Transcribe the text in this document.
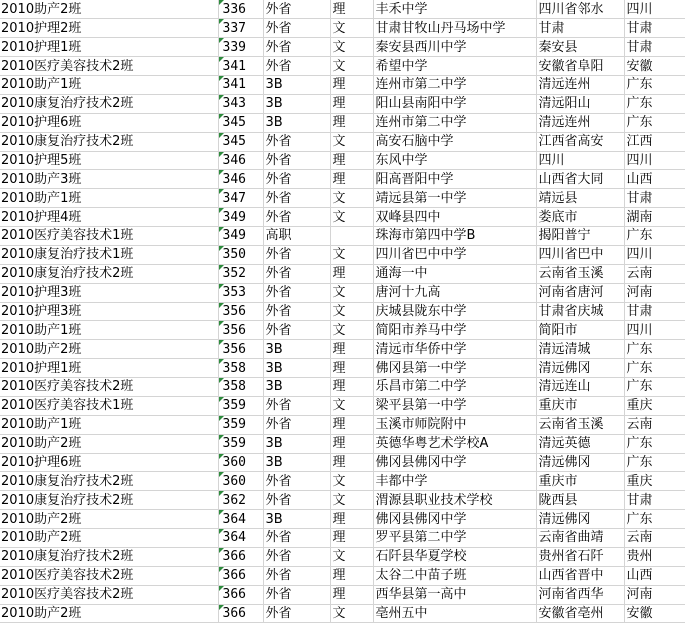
2010助产2班	336	外省	理	丰禾中学	四川省邻水	四川
2010护理2班	337	外省	文	甘肃甘牧山丹马场中学	甘肃	甘肃
2010护理1班	339	外省	文	秦安县西川中学	秦安县	甘肃
2010医疗美容技术2班	341	外省	文	希望中学	安徽省阜阳	安徽
2010助产1班	341	3B	理	连州市第二中学	清远连州	广东
2010康复治疗技术2班	343	3B	理	阳山县南阳中学	清远阳山	广东
2010护理6班	345	3B	理	连州市第二中学	清远连州	广东
2010康复治疗技术2班	345	外省	文	高安石脑中学	江西省高安	江西
2010护理5班	346	外省	理	东风中学	四川	四川
2010助产3班	346	外省	理	阳高晋阳中学	山西省大同	山西
2010助产1班	347	外省	文	靖远县第一中学	靖远县	甘肃
2010护理4班	349	外省	文	双峰县四中	娄底市	湖南
2010医疗美容技术1班	349	高职		珠海市第四中学B	揭阳普宁	广东
2010康复治疗技术1班	350	外省	文	四川省巴中中学	四川省巴中	四川
2010康复治疗技术2班	352	外省	理	通海一中	云南省玉溪	云南
2010护理3班	353	外省	文	唐河十九高	河南省唐河	河南
2010护理3班	356	外省	文	庆城县陇东中学	甘肃省庆城	甘肃
2010助产1班	356	外省	文	简阳市养马中学	简阳市	四川
2010助产2班	356	3B	理	清远市华侨中学	清远清城	广东
2010护理1班	358	3B	理	佛冈县第一中学	清远佛冈	广东
2010医疗美容技术2班	358	3B	理	乐昌市第二中学	清远连山	广东
2010医疗美容技术1班	359	外省	文	梁平县第一中学	重庆市	重庆
2010助产1班	359	外省	理	玉溪市师院附中	云南省玉溪	云南
2010助产2班	359	3B	理	英德华粤艺术学校A	清远英德	广东
2010护理6班	360	3B	理	佛冈县佛冈中学	清远佛冈	广东
2010康复治疗技术2班	360	外省	文	丰都中学	重庆市	重庆
2010康复治疗技术2班	362	外省	文	渭源县职业技术学校	陇西县	甘肃
2010助产2班	364	3B	理	佛冈县佛冈中学	清远佛冈	广东
2010助产2班	364	外省	理	罗平县第二中学	云南省曲靖	云南
2010康复治疗技术2班	366	外省	文	石阡县华夏学校	贵州省石阡	贵州
2010医疗美容技术2班	366	外省	理	太谷二中苗子班	山西省晋中	山西
2010医疗美容技术2班	366	外省	理	西华县第一高中	河南省西华	河南
2010助产2班	366	外省	文	亳州五中	安徽省亳州	安徽
